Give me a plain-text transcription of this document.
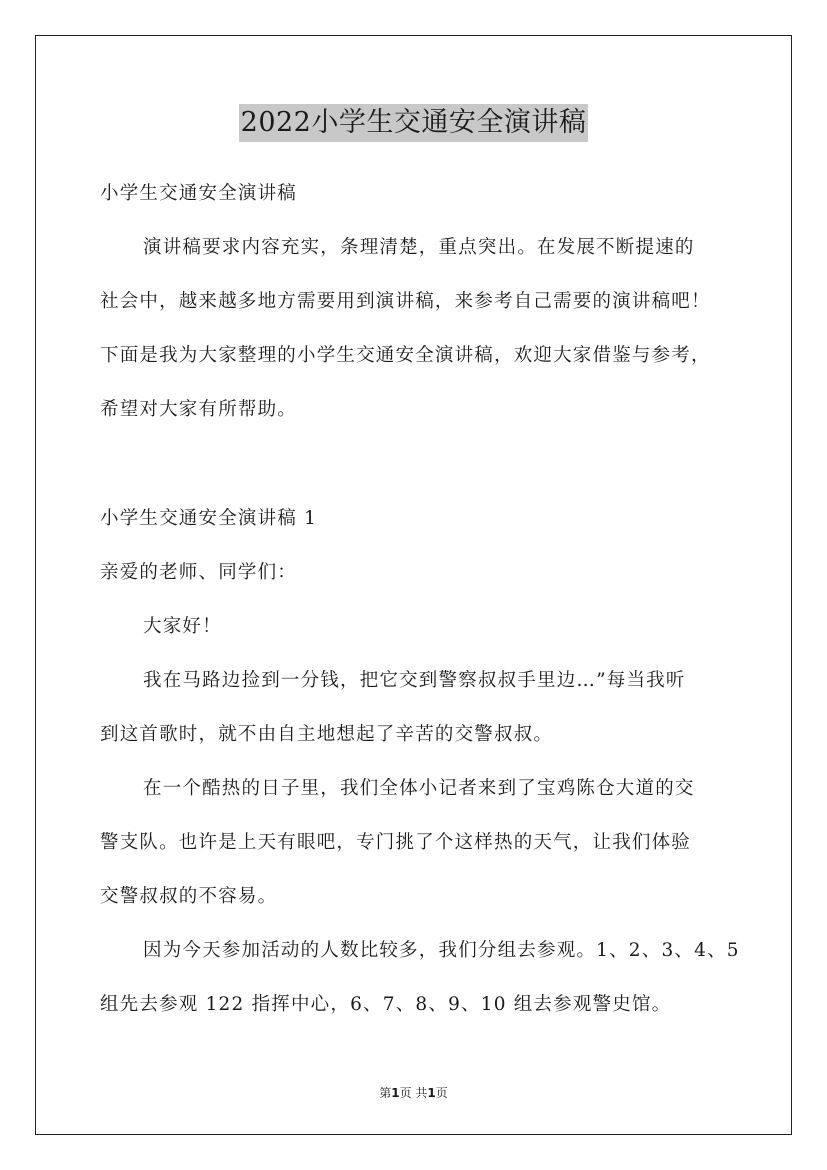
2022小学生交通安全演讲稿
小学生交通安全演讲稿
演讲稿要求内容充实，条理清楚，重点突出。在发展不断提速的
社会中，越来越多地方需要用到演讲稿，来参考自己需要的演讲稿吧！
下面是我为大家整理的小学生交通安全演讲稿，欢迎大家借鉴与参考，
希望对大家有所帮助。
小学生交通安全演讲稿 1
亲爱的老师、同学们：
大家好！
我在马路边捡到一分钱，把它交到警察叔叔手里边…”每当我听
到这首歌时，就不由自主地想起了辛苦的交警叔叔。
在一个酷热的日子里，我们全体小记者来到了宝鸡陈仓大道的交
警支队。也许是上天有眼吧，专门挑了个这样热的天气，让我们体验
交警叔叔的不容易。
因为今天参加活动的人数比较多，我们分组去参观。1、2、3、4、5
组先去参观 122 指挥中心，6、7、8、9、10 组去参观警史馆。
第1页 共1页
